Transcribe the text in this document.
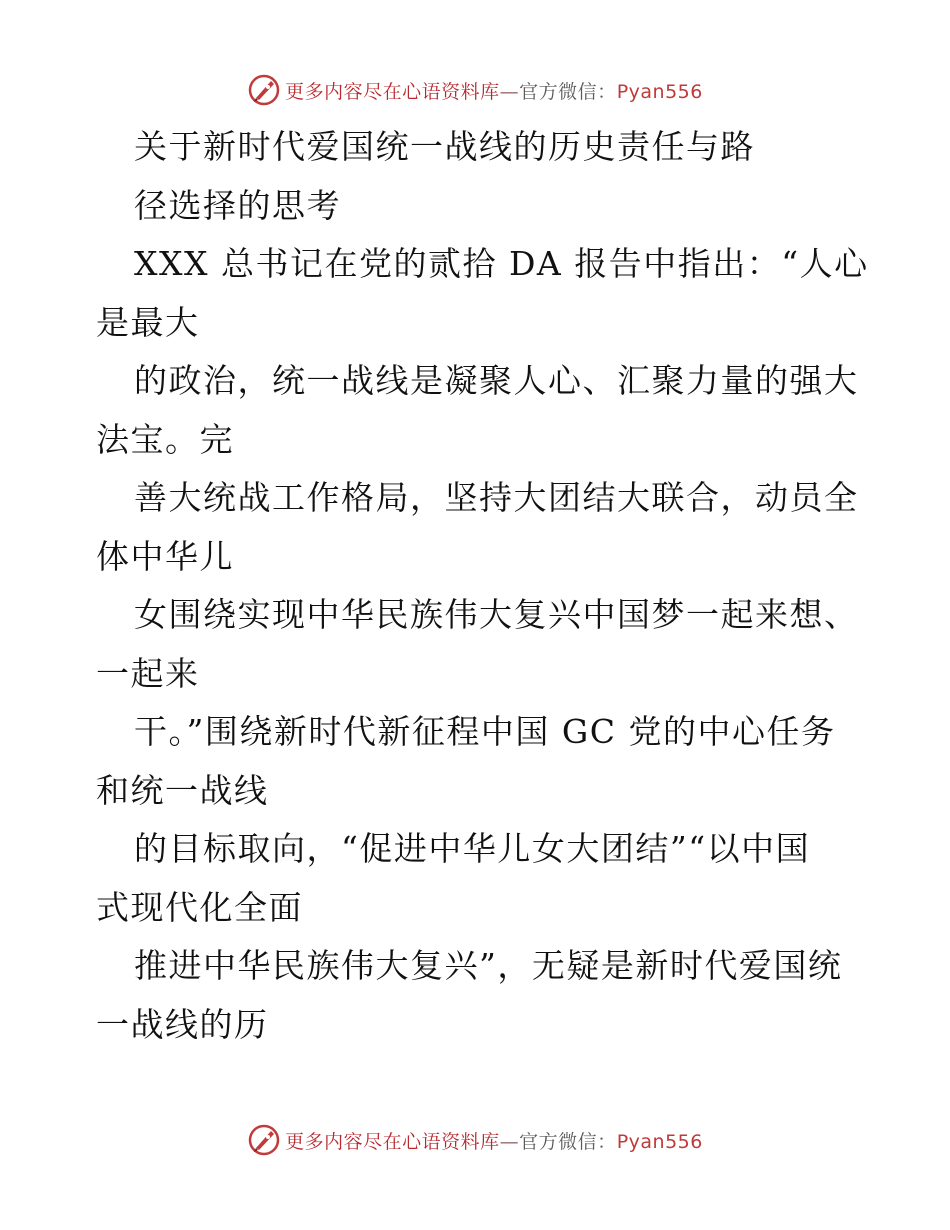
更多内容尽在心语资料库—官方微信：Pyan556
关于新时代爱国统一战线的历史责任与路
径选择的思考
XXX 总书记在党的贰拾 DA 报告中指出：“人心
是最大
的政治，统一战线是凝聚人心、汇聚力量的强大
法宝。完
善大统战工作格局，坚持大团结大联合，动员全
体中华儿
女围绕实现中华民族伟大复兴中国梦一起来想、
一起来
干。”围绕新时代新征程中国 GC 党的中心任务
和统一战线
的目标取向，“促进中华儿女大团结”“以中国
式现代化全面
推进中华民族伟大复兴”，无疑是新时代爱国统
一战线的历
更多内容尽在心语资料库—官方微信：Pyan556
